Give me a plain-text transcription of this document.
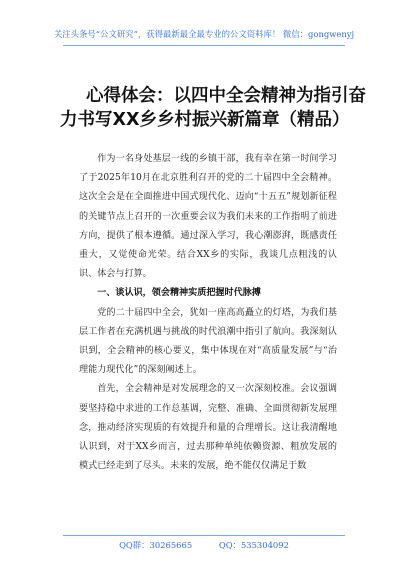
关注头条号“公文研究”，获得最新最全最专业的公文资料库！ 微信：gongwenyj
心得体会：以四中全会精神为指引奋
力书写XX乡乡村振兴新篇章（精品）

作为一名身处基层一线的乡镇干部，我有幸在第一时间学习了于2025年10月在北京胜利召开的党的二十届四中全会精神。这次全会是在全面推进中国式现代化、迈向“十五五”规划新征程的关键节点上召开的一次重要会议为我们未来的工作指明了前进方向，提供了根本遵循。通过深入学习，我心潮澎湃，既感责任重大，又觉使命光荣。结合XX乡的实际，我谈几点粗浅的认识、体会与打算。

一、谈认识，领会精神实质把握时代脉搏

党的二十届四中全会，犹如一座高高矗立的灯塔，为我们基层工作者在充满机遇与挑战的时代浪潮中指引了航向。我深刻认识到，全会精神的核心要义，集中体现在对“高质量发展”与“治理能力现代化”的深刻阐述上。

首先，全会精神是对发展理念的又一次深刻校准。会议强调要坚持稳中求进的工作总基调，完整、准确、全面贯彻新发展理念，推动经济实现质的有效提升和量的合理增长。这让我清醒地认识到，对于XX乡而言，过去那种单纯依赖资源、粗放发展的模式已经走到了尽头。未来的发展，绝不能仅仅满足于数

QQ群：30265665	QQ：535304092
